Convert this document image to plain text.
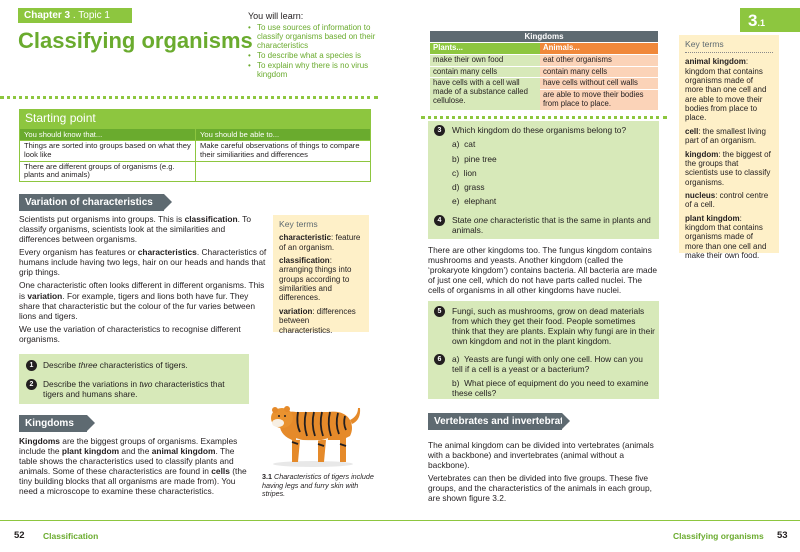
Chapter 3 . Topic 1
Classifying organisms
You will learn:
• To use sources of information to classify organisms based on their characteristics
• To describe what a species is
• To explain why there is no virus kingdom
Starting point
You should know that...	You should be able to...
Things are sorted into groups based on what they look like	Make careful observations of things to compare their similiarities and differences
There are different groups of organisms (e.g. plants and animals)	
Variation of characteristics

Scientists put organisms into groups. This is classification. To classify organisms, scientists look at the similarities and differences between organisms.

Every organism has features or characteristics. Characteristics of humans include having two legs, hair on our heads and hands that grip things.

One characteristic often looks different in different organisms. This is variation. For example, tigers and lions both have fur. They share that characteristic but the colour of the fur varies between lions and tigers.

We use the variation of characteristics to recognise different organisms.

1	Describe three characteristics of tigers.
2	Describe the variations in two characteristics that tigers and humans share.
Key terms

characteristic: feature of an organism.

classification: arranging things into groups according to similarities and differences.

variation: differences between characteristics.

Kingdoms

Kingdoms are the biggest groups of organisms. Examples include the plant kingdom and the animal kingdom. The table shows the characteristics used to classify plants and animals. Some of these characteristics are found in cells (the tiny building blocks that all organisms are made from). You need a microscope to examine these characteristics.

3.1 Characteristics of tigers include having legs and furry skin with stripes.
3.1
Kingdoms	
Plants...	Animals...
make their own food	eat other organisms
contain many cells	contain many cells
have cells with a cell wall made of a substance called cellulose.	have cells without cell walls
	are able to move their bodies from place to place.
3	Which kingdom do these organisms belong to?
a) cat
b) pine tree
c) lion
d) grass
e) elephant
4	State one characteristic that is the same in plants and animals.
There are other kingdoms too. The fungus kingdom contains mushrooms and yeasts. Another kingdom (called the ‘prokaryote kingdom’) contains bacteria. All bacteria are made of just one cell, which do not have parts called nuclei. The cells of organisms in all other kingdoms have nuclei.
5	Fungi, such as mushrooms, grow on dead materials from which they get their food. People sometimes think that they are plants. Explain why fungi are in their own kingdom and not in the plant kingdom.
6	a) Yeasts are fungi with only one cell. How can you tell if a cell is a yeast or a bacterium?
b) What piece of equipment do you need to examine these cells?
Vertebrates and invertebrates

The animal kingdom can be divided into vertebrates (animals with a backbone) and invertebrates (animal without a backbone).

Vertebrates can then be divided into five groups. These five groups, and the characteristics of the animals in each group, are shown figure 3.2.

Key terms

animal kingdom: kingdom that contains organisms made of more than one cell and are able to move their bodies from place to place.

cell: the smallest living part of an organism.

kingdom: the biggest of the groups that scientists use to classify organisms.

nucleus: control centre of a cell.

plant kingdom: kingdom that contains organisms made of more than one cell and make their own food.

52 Classification	Classifying organisms 53
